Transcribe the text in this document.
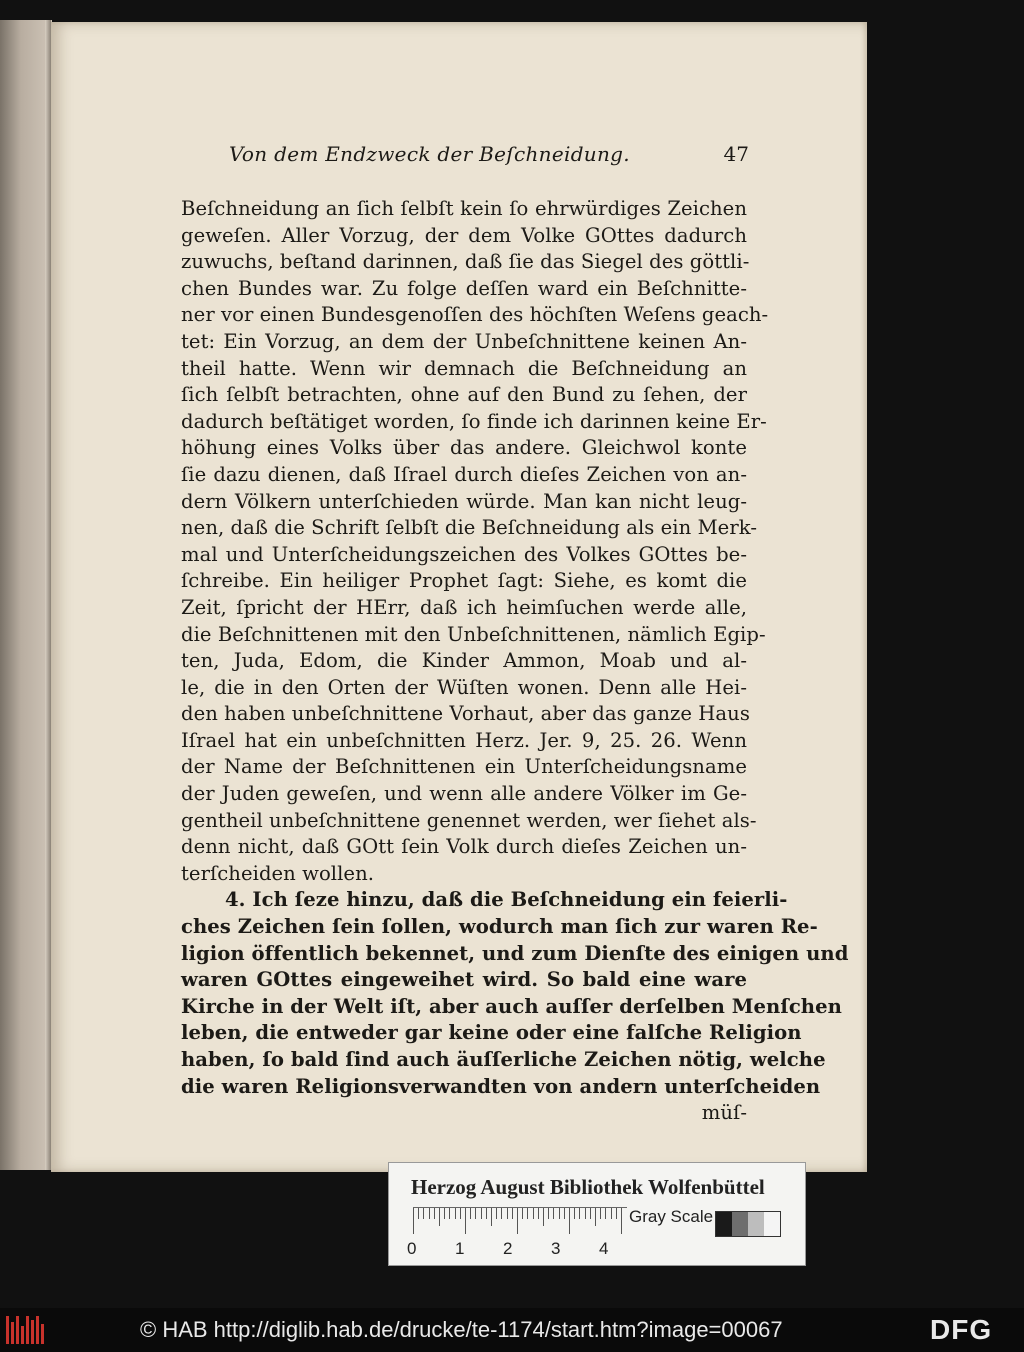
Von dem Endzweck der Beſchneidung.	47
Beſchneidung an ſich ſelbſt kein ſo ehrwürdiges Zeichen
geweſen. Aller Vorzug, der dem Volke GOttes dadurch
zuwuchs, beſtand darinnen, daß ſie das Siegel des göttli-
chen Bundes war. Zu folge deſſen ward ein Beſchnitte-
ner vor einen Bundesgenoſſen des höchſten Weſens geach-
tet: Ein Vorzug, an dem der Unbeſchnittene keinen An-
theil hatte. Wenn wir demnach die Beſchneidung an
ſich ſelbſt betrachten, ohne auf den Bund zu ſehen, der
dadurch beſtätiget worden, ſo finde ich darinnen keine Er-
höhung eines Volks über das andere. Gleichwol konte
ſie dazu dienen, daß Iſrael durch dieſes Zeichen von an-
dern Völkern unterſchieden würde. Man kan nicht leug-
nen, daß die Schrift ſelbſt die Beſchneidung als ein Merk-
mal und Unterſcheidungszeichen des Volkes GOttes be-
ſchreibe. Ein heiliger Prophet ſagt: Siehe, es komt die
Zeit, ſpricht der HErr, daß ich heimſuchen werde alle,
die Beſchnittenen mit den Unbeſchnittenen, nämlich Egip-
ten, Juda, Edom, die Kinder Ammon, Moab und al-
le, die in den Orten der Wüſten wonen. Denn alle Hei-
den haben unbeſchnittene Vorhaut, aber das ganze Haus
Iſrael hat ein unbeſchnitten Herz. Jer. 9, 25. 26. Wenn
der Name der Beſchnittenen ein Unterſcheidungsname
der Juden geweſen, und wenn alle andere Völker im Ge-
gentheil unbeſchnittene genennet werden, wer ſiehet als-
denn nicht, daß GOtt ſein Volk durch dieſes Zeichen un-
terſcheiden wollen.
4. Ich ſeze hinzu, daß die Beſchneidung ein feierli-
ches Zeichen ſein ſollen, wodurch man ſich zur waren Re-
ligion öffentlich bekennet, und zum Dienſte des einigen und
waren GOttes eingeweihet wird. So bald eine ware
Kirche in der Welt iſt, aber auch auſſer derſelben Menſchen
leben, die entweder gar keine oder eine falſche Religion
haben, ſo bald ſind auch äuſſerliche Zeichen nötig, welche
die waren Religionsverwandten von andern unterſcheiden
müſ-
Herzog August Bibliothek Wolfenbüttel
0 1 2 3 4
Gray Scale
© HAB http://diglib.hab.de/drucke/te-1174/start.htm?image=00067	DFG
